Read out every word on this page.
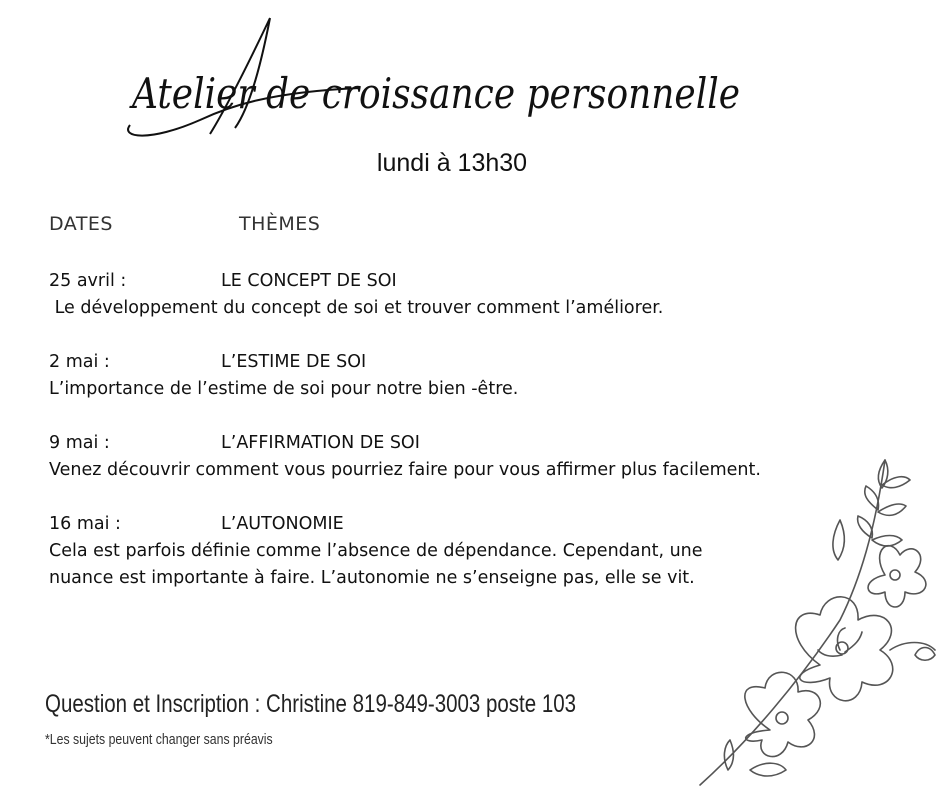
Atelier de croissance personnelle
lundi à 13h30
DATES	THÈMES
25 avril :	LE CONCEPT DE SOI
Le développement du concept de soi et trouver comment l’améliorer.
2 mai :	L’ESTIME DE SOI
L’importance de l’estime de soi pour notre bien -être.
9 mai :	L’AFFIRMATION DE SOI
Venez découvrir comment vous pourriez faire pour vous affirmer plus facilement.
16 mai :	L’AUTONOMIE
Cela est parfois définie comme l’absence de dépendance. Cependant, une nuance est importante à faire. L’autonomie ne s’enseigne pas, elle se vit.
Question et Inscription : Christine 819-849-3003 poste 103
*Les sujets peuvent changer sans préavis
